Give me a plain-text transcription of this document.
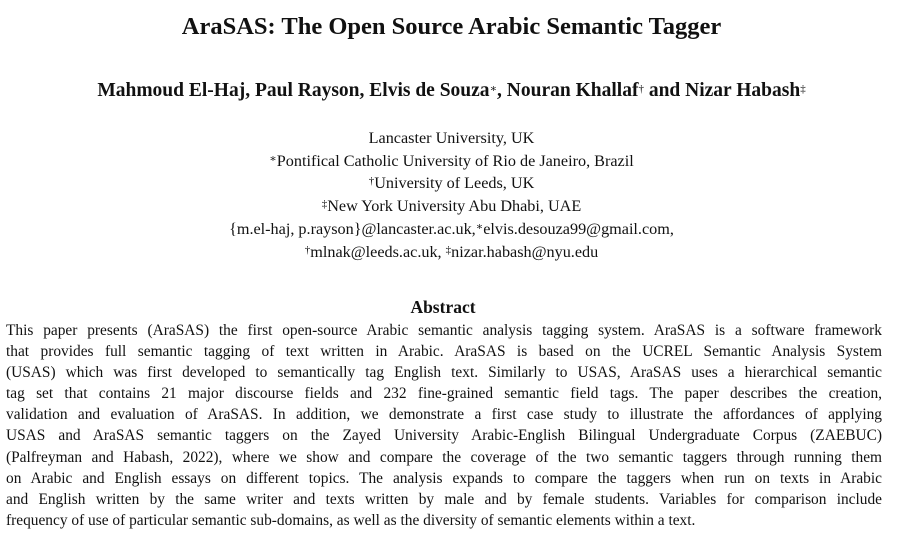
AraSAS: The Open Source Arabic Semantic Tagger
Mahmoud El-Haj, Paul Rayson, Elvis de Souza∗, Nouran Khallaf† and Nizar Habash‡
Lancaster University, UK
∗Pontifical Catholic University of Rio de Janeiro, Brazil
†University of Leeds, UK
‡New York University Abu Dhabi, UAE
{m.el-haj, p.rayson}@lancaster.ac.uk,∗elvis.desouza99@gmail.com,
†mlnak@leeds.ac.uk, ‡nizar.habash@nyu.edu
Abstract
This paper presents (AraSAS) the first open-source Arabic semantic analysis tagging system. AraSAS is a software framework
that provides full semantic tagging of text written in Arabic. AraSAS is based on the UCREL Semantic Analysis System
(USAS) which was first developed to semantically tag English text. Similarly to USAS, AraSAS uses a hierarchical semantic
tag set that contains 21 major discourse fields and 232 fine-grained semantic field tags. The paper describes the creation,
validation and evaluation of AraSAS. In addition, we demonstrate a first case study to illustrate the affordances of applying
USAS and AraSAS semantic taggers on the Zayed University Arabic-English Bilingual Undergraduate Corpus (ZAEBUC)
(Palfreyman and Habash, 2022), where we show and compare the coverage of the two semantic taggers through running them
on Arabic and English essays on different topics. The analysis expands to compare the taggers when run on texts in Arabic
and English written by the same writer and texts written by male and by female students. Variables for comparison include
frequency of use of particular semantic sub-domains, as well as the diversity of semantic elements within a text.
